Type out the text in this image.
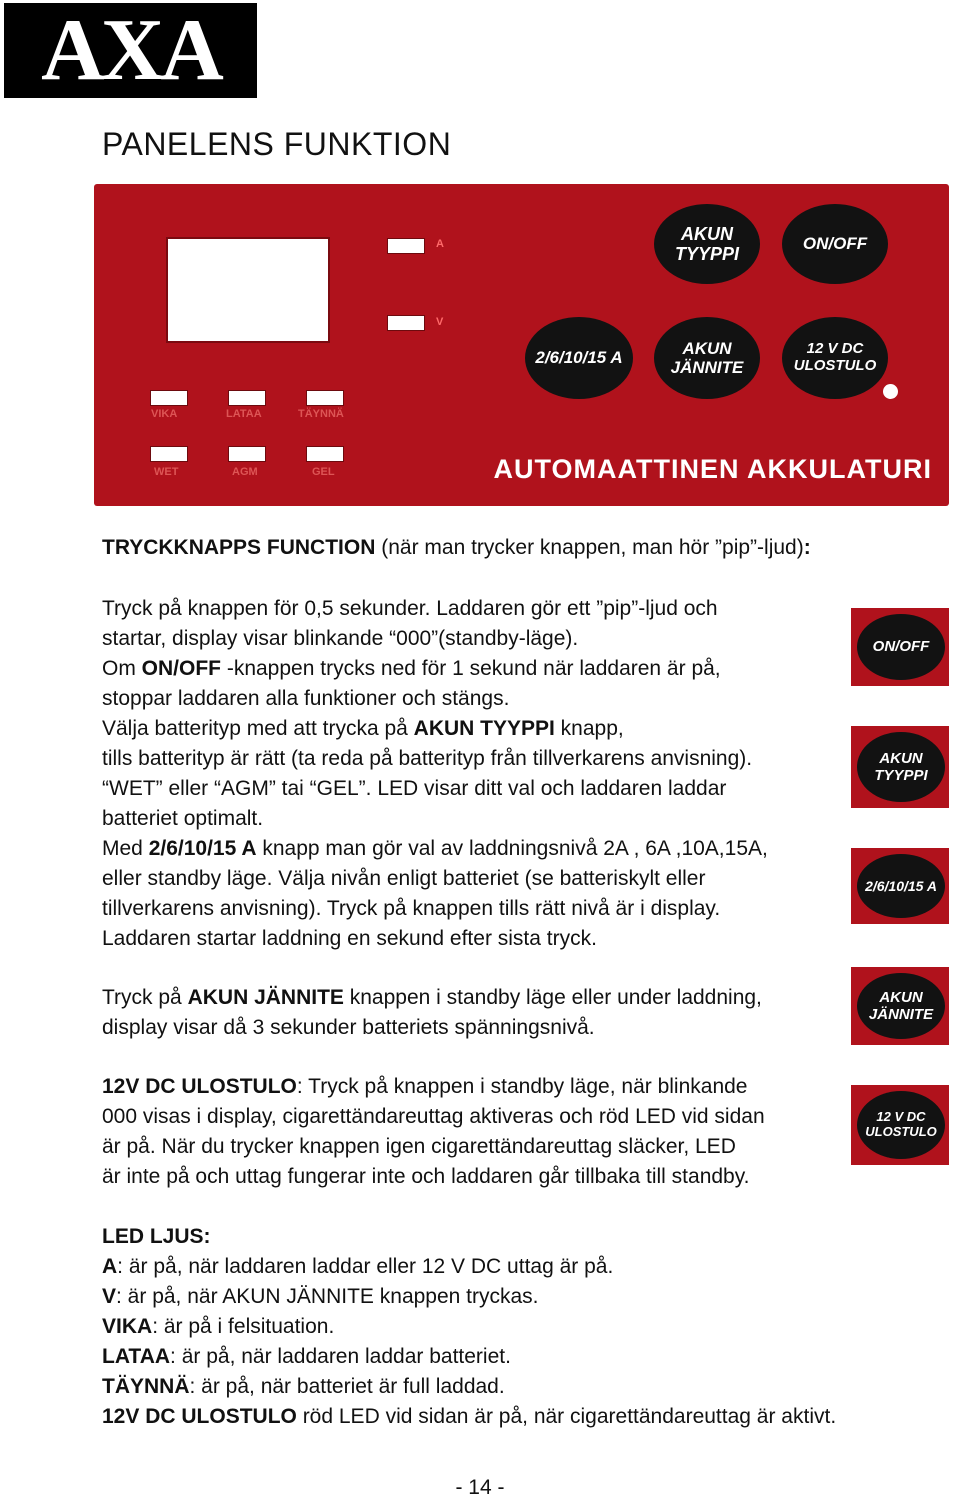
AXA
PANELENS FUNKTION
A
V
VIKA	LATAA	TÄYNNÄ
WET	AGM	GEL
AKUN
TYYPPI
ON/OFF
2/6/10/15 A
AKUN
JÄNNITE
12 V DC
ULOSTULO
AUTOMAATTINEN AKKULATURI
TRYCKKNAPPS FUNCTION (när man trycker knappen, man hör ”pip”-ljud):
Tryck på knappen för 0,5 sekunder. Laddaren gör ett ”pip”-ljud och
startar, display visar blinkande “000”(standby-läge).
Om ON/OFF -knappen trycks ned för 1 sekund när laddaren är på,
stoppar laddaren alla funktioner och stängs.
Välja batterityp med att trycka på AKUN TYYPPI knapp,
tills batterityp är rätt (ta reda på batterityp från tillverkarens anvisning).
“WET” eller “AGM” tai “GEL”. LED visar ditt val och laddaren laddar
batteriet optimalt.
Med 2/6/10/15 A knapp man gör val av laddningsnivå 2A , 6A ,10A,15A,
eller standby läge. Välja nivån enligt batteriet (se batteriskylt eller
tillverkarens anvisning). Tryck på knappen tills rätt nivå är i display.
Laddaren startar laddning en sekund efter sista tryck.
Tryck på AKUN JÄNNITE knappen i standby läge eller under laddning,
display visar då 3 sekunder batteriets spänningsnivå.
12V DC ULOSTULO: Tryck på knappen i standby läge, när blinkande
000 visas i display, cigarettändareuttag aktiveras och röd LED vid sidan
är på. När du trycker knappen igen cigarettändareuttag släcker, LED
är inte på och uttag fungerar inte och laddaren går tillbaka till standby.
ON/OFF
AKUN
TYYPPI
2/6/10/15 A
AKUN
JÄNNITE
12 V DC
ULOSTULO
LED LJUS:
A: är på, när laddaren laddar eller 12 V DC uttag är på.
V: är på, när AKUN JÄNNITE knappen tryckas.
VIKA: är på i felsituation.
LATAA: är på, när laddaren laddar batteriet.
TÄYNNÄ: är på, när batteriet är full laddad.
12V DC ULOSTULO röd LED vid sidan är på, när cigarettändareuttag är aktivt.
- 14 -
